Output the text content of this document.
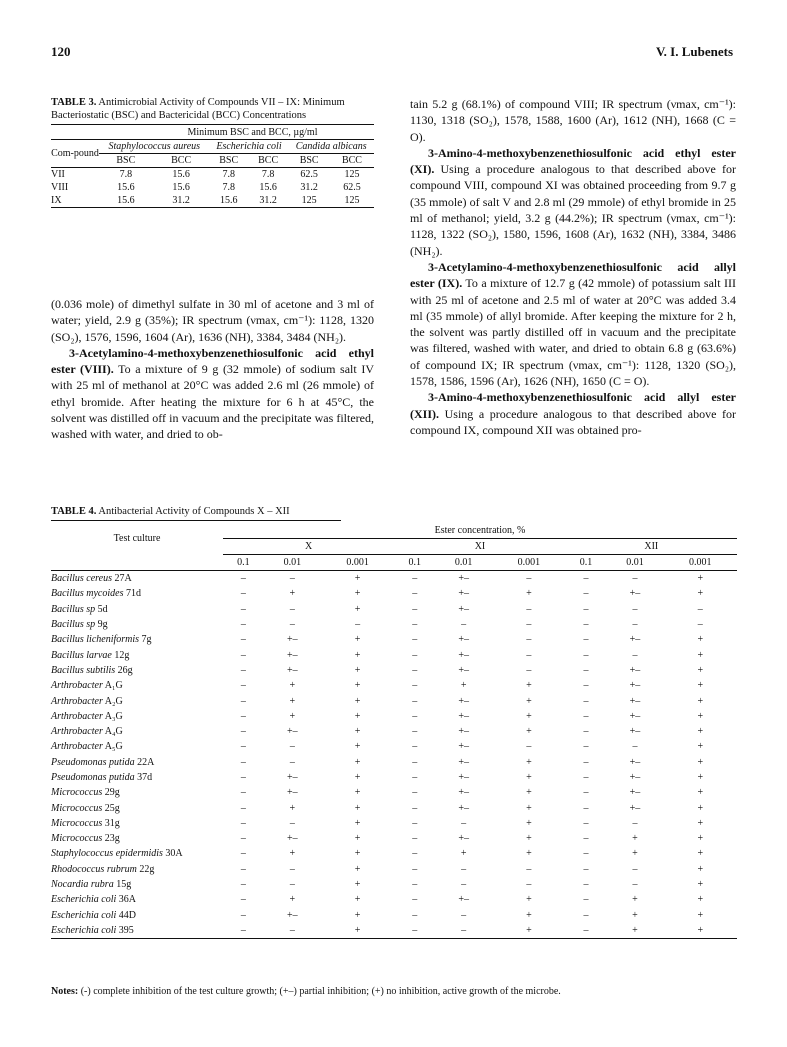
120	V. I. Lubenets
TABLE 3. Antimicrobial Activity of Compounds VII – IX: Minimum Bacteriostatic (BSC) and Bactericidal (BCC) Concentrations
Minimum BSC and BCC, µg/ml						
Com-pound	Staphylococcus aureus		Escherichia coli		Candida albicans	
	BSC	BCC	BSC	BCC	BSC	BCC
VII	7.8	15.6	7.8	7.8	62.5	125
VIII	15.6	15.6	7.8	15.6	31.2	62.5
IX	15.6	31.2	15.6	31.2	125	125

(0.036 mole) of dimethyl sulfate in 30 ml of acetone and 3 ml of water; yield, 2.9 g (35%); IR spectrum (νmax, cm⁻¹): 1128, 1320 (SO₂), 1576, 1596, 1604 (Ar), 1636 (NH), 3384, 3484 (NH₂).

3-Acetylamino-4-methoxybenzenethiosulfonic acid ethyl ester (VIII). To a mixture of 9 g (32 mmole) of sodium salt IV with 25 ml of methanol at 20°C was added 2.6 ml (26 mmole) of ethyl bromide. After heating the mixture for 6 h at 45°C, the solvent was distilled off in vacuum and the precipitate was filtered, washed with water, and dried to ob-

tain 5.2 g (68.1%) of compound VIII; IR spectrum (νmax, cm⁻¹): 1130, 1318 (SO₂), 1578, 1588, 1600 (Ar), 1612 (NH), 1668 (C = O).

3-Amino-4-methoxybenzenethiosulfonic acid ethyl ester (XI). Using a procedure analogous to that described above for compound VIII, compound XI was obtained proceeding from 9.7 g (35 mmole) of salt V and 2.8 ml (29 mmole) of ethyl bromide in 25 ml of methanol; yield, 3.2 g (44.2%); IR spectrum (νmax, cm⁻¹): 1128, 1322 (SO₂), 1580, 1596, 1608 (Ar), 1632 (NH), 3384, 3486 (NH₂).

3-Acetylamino-4-methoxybenzenethiosulfonic acid allyl ester (IX). To a mixture of 12.7 g (42 mmole) of potassium salt III with 25 ml of acetone and 2.5 ml of water at 20°C was added 3.4 ml (35 mmole) of allyl bromide. After keeping the mixture for 2 h, the solvent was partly distilled off in vacuum and the precipitate was filtered, washed with water, and dried to obtain 6.8 g (63.6%) of compound IX; IR spectrum (νmax, cm⁻¹): 1128, 1320 (SO₂), 1578, 1586, 1596 (Ar), 1626 (NH), 1650 (C = O).

3-Amino-4-methoxybenzenethiosulfonic acid allyl ester (XII). Using a procedure analogous to that described above for compound IX, compound XII was obtained pro-

TABLE 4. Antibacterial Activity of Compounds X – XII
Test culture	Ester concentration, %								
	X			XI			XII		
	0.1	0.01	0.001	0.1	0.01	0.001	0.1	0.01	0.001
Bacillus cereus 27A	–	–	+	–	+–	–	–	–	+
Bacillus mycoides 71d	–	+	+	–	+–	+	–	+–	+
Bacillus sp 5d	–	–	+	–	+–	–	–	–	–
Bacillus sp 9g	–	–	–	–	–	–	–	–	–
Bacillus licheniformis 7g	–	+–	+	–	+–	–	–	+–	+
Bacillus larvae 12g	–	+–	+	–	+–	–	–	–	+
Bacillus subtilis 26g	–	+–	+	–	+–	–	–	+–	+
Arthrobacter A₁G	–	+	+	–	+	+	–	+–	+
Arthrobacter A₂G	–	+	+	–	+–	+	–	+–	+
Arthrobacter A₃G	–	+	+	–	+–	+	–	+–	+
Arthrobacter A₄G	–	+–	+	–	+–	+	–	+–	+
Arthrobacter A₅G	–	–	+	–	+–	–	–	–	+
Pseudomonas putida 22A	–	–	+	–	+–	+	–	+–	+
Pseudomonas putida 37d	–	+–	+	–	+–	+	–	+–	+
Micrococcus 29g	–	+–	+	–	+–	+	–	+–	+
Micrococcus 25g	–	+	+	–	+–	+	–	+–	+
Micrococcus 31g	–	–	+	–	–	+	–	–	+
Micrococcus 23g	–	+–	+	–	+–	+	–	+	+
Staphylococcus epidermidis 30A	–	+	+	–	+	+	–	+	+
Rhodococcus rubrum 22g	–	–	+	–	–	–	–	–	+
Nocardia rubra 15g	–	–	+	–	–	–	–	–	+
Escherichia coli 36A	–	+	+	–	+–	+	–	+	+
Escherichia coli 44D	–	+–	+	–	–	+	–	+	+
Escherichia coli 395	–	–	+	–	–	+	–	+	+
Notes: (-) complete inhibition of the test culture growth; (+–) partial inhibition; (+) no inhibition, active growth of the microbe.
